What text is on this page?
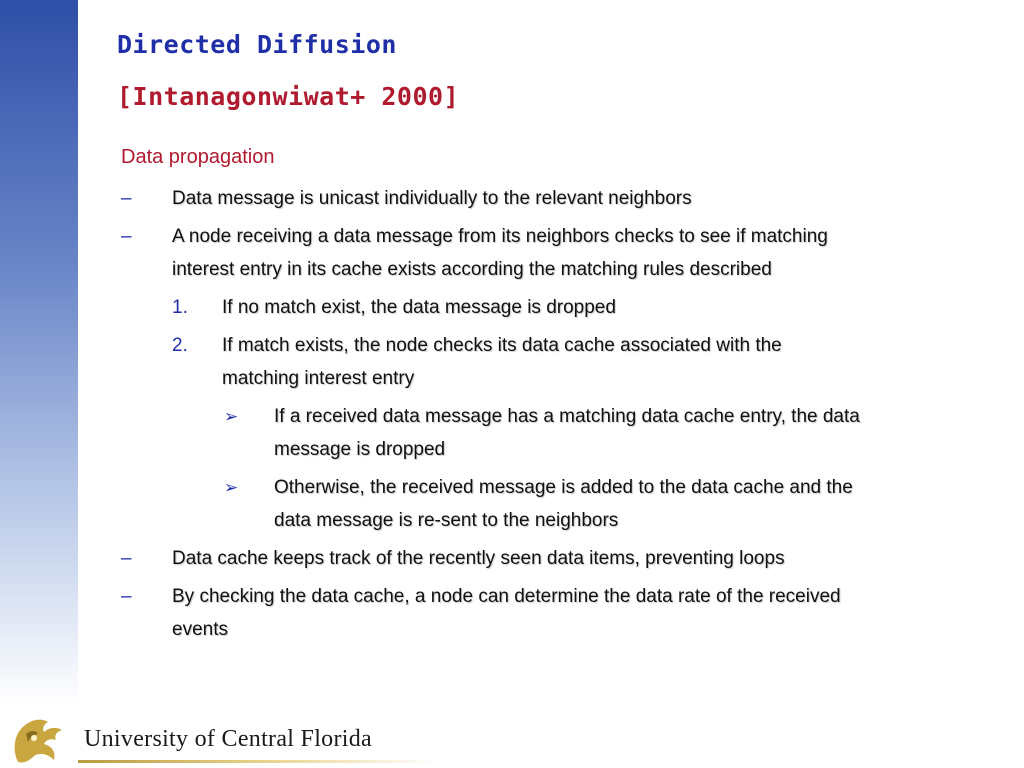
Directed Diffusion
[Intanagonwiwat+ 2000]
Data propagation
– Data message is unicast individually to the relevant neighbors
– A node receiving a data message from its neighbors checks to see if matching
interest entry in its cache exists according the matching rules described
1. If no match exist, the data message is dropped
2. If match exists, the node checks its data cache associated with the
matching interest entry
➢ If a received data message has a matching data cache entry, the data
message is dropped
➢ Otherwise, the received message is added to the data cache and the
data message is re-sent to the neighbors
– Data cache keeps track of the recently seen data items, preventing loops
– By checking the data cache, a node can determine the data rate of the received
events
University of Central Florida
